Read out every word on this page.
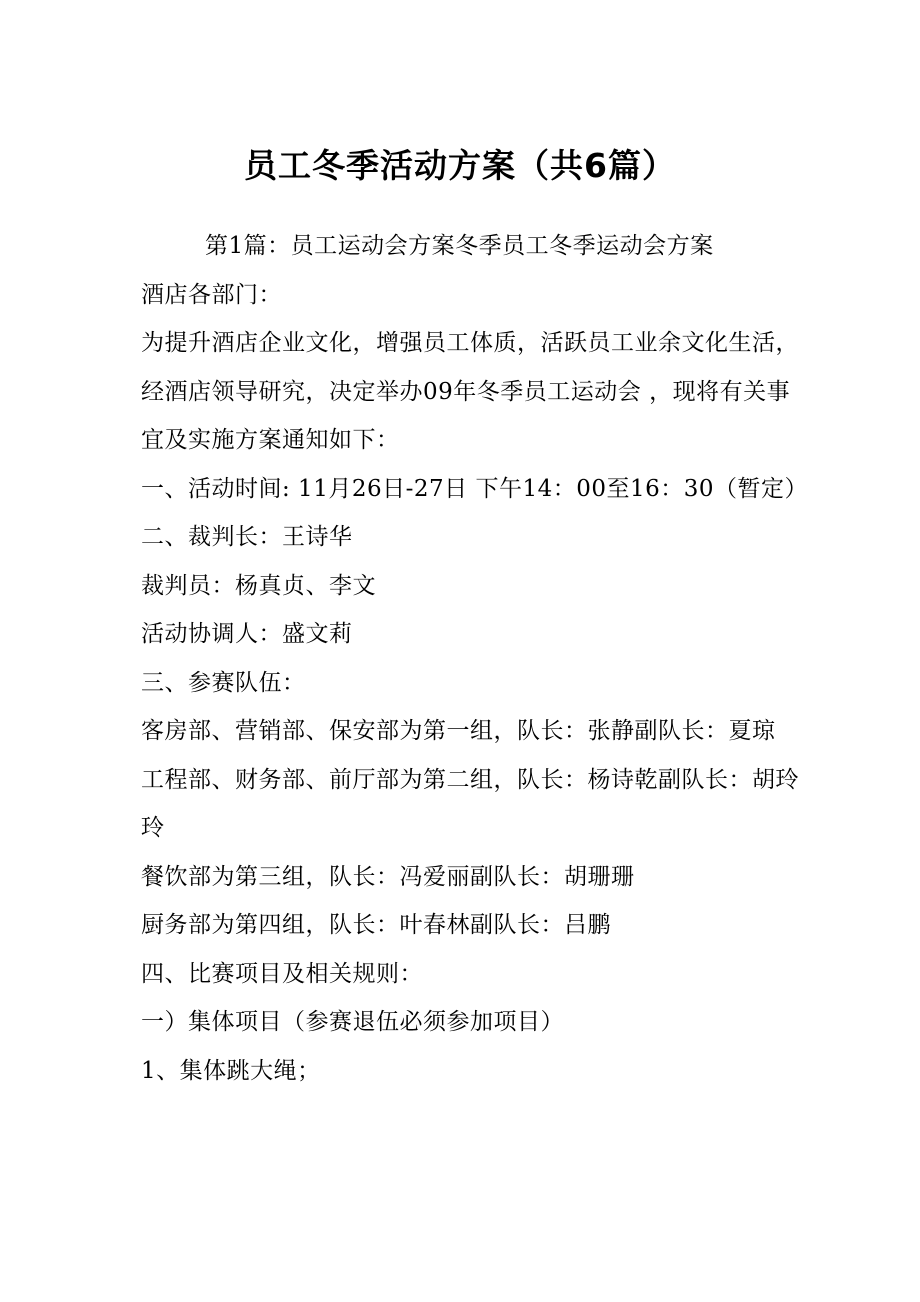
员工冬季活动方案（共6篇）

第1篇：员工运动会方案冬季员工冬季运动会方案

酒店各部门：

为提升酒店企业文化，增强员工体质，活跃员工业余文化生活，经酒店领导研究，决定举办09年冬季员工运动会 ，现将有关事宜及实施方案通知如下：

一、活动时间: 11月26日-27日 下午14：00至16：30（暂定）

二、裁判长：王诗华

裁判员：杨真贞、李文

活动协调人：盛文莉

三、参赛队伍：

客房部、营销部、保安部为第一组，队长：张静副队长：夏琼

工程部、财务部、前厅部为第二组，队长：杨诗乾副队长：胡玲玲

餐饮部为第三组，队长：冯爱丽副队长：胡珊珊

厨务部为第四组，队长：叶春林副队长：吕鹏

四、比赛项目及相关规则：

一）集体项目（参赛退伍必须参加项目）

1、集体跳大绳；
